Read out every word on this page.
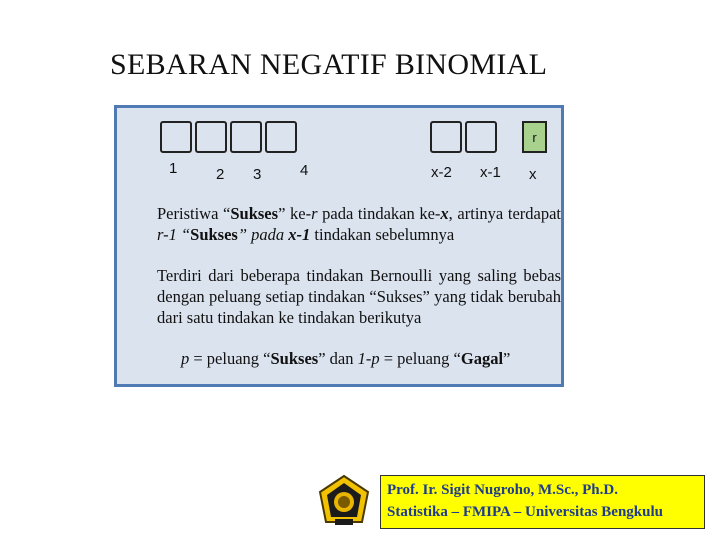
SEBARAN NEGATIF BINOMIAL
r
1	2 3	4	x-2 x-1 x
Peristiwa “Sukses” ke-r pada tindakan ke-x, artinya terdapat r-1 “Sukses” pada x-1 tindakan sebelumnya
Terdiri dari beberapa tindakan Bernoulli yang saling bebas dengan peluang setiap tindakan “Sukses” yang tidak berubah dari satu tindakan ke tindakan berikutya
p = peluang “Sukses” dan 1-p = peluang “Gagal”
Prof. Ir. Sigit Nugroho, M.Sc., Ph.D.
Statistika – FMIPA – Universitas Bengkulu
